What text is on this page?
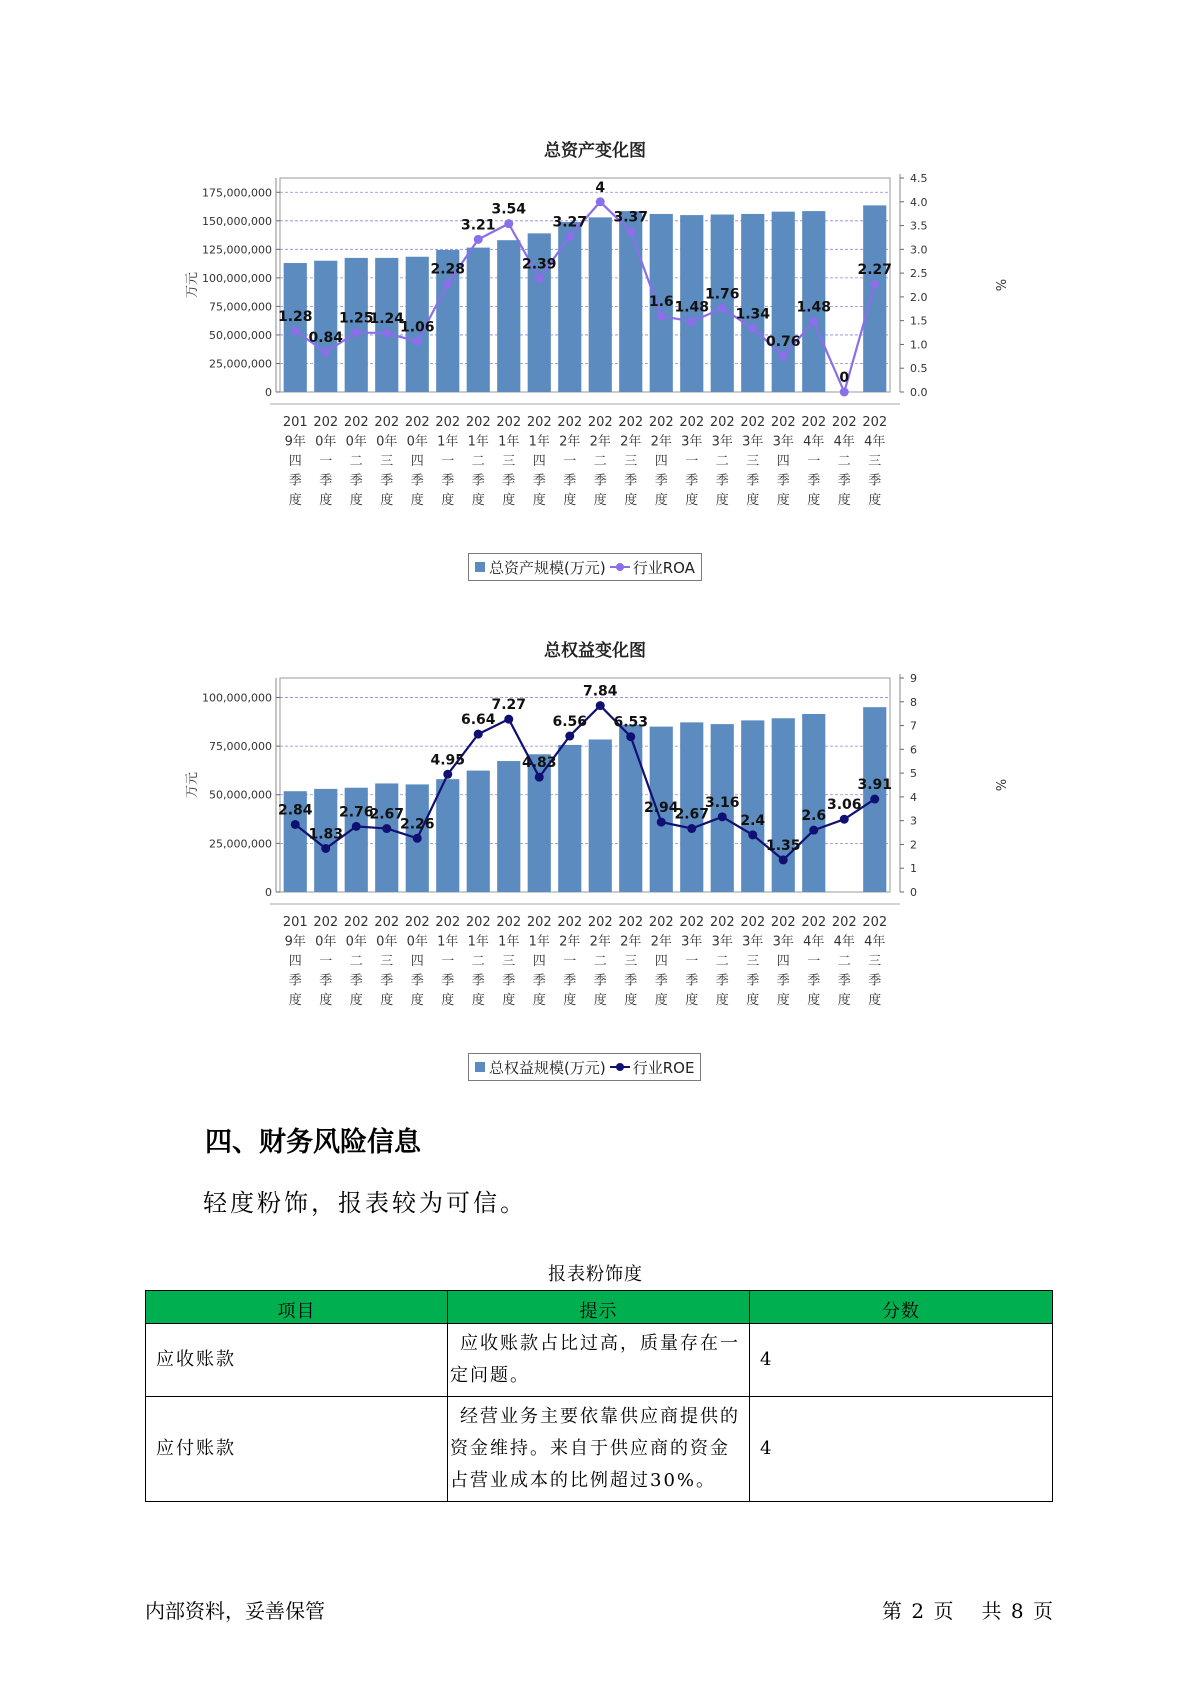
总资产变化图
0
25,000,000
50,000,000
75,000,000
100,000,000
125,000,000
150,000,000
175,000,000
0.0
0.5
1.0
1.5
2.0
2.5
3.0
3.5
4.0
4.5
万元	%
201 9年四季度
202 0年一季度
202 0年二季度
202 0年三季度
202 0年四季度
202 1年一季度
202 1年二季度
202 1年三季度
202 1年四季度
202 2年一季度
202 2年二季度
202 2年三季度
202 2年四季度
202 3年一季度
202 3年二季度
202 3年三季度
202 3年四季度
202 4年一季度
202 4年二季度
202 4年三季度
1.28
0.84
1.25
1.24
1.06
2.28
3.21
3.54
2.39
3.27
4
3.37
1.6 1.48
1.76
1.34
0.76
1.48
0
2.27
总资产规模(万元) 行业ROA
总权益变化图
0
25,000,000
50,000,000
75,000,000
100,000,000
0
1
2
3
4
5
6
7
8
9
万元	%
201 9年四季度
202 0年一季度
202 0年二季度
202 0年三季度
202 0年四季度
202 1年一季度
202 1年二季度
202 1年三季度
202 1年四季度
202 2年一季度
202 2年二季度
202 2年三季度
202 2年四季度
202 3年一季度
202 3年二季度
202 3年三季度
202 3年四季度
202 4年一季度
202 4年二季度
202 4年三季度
2.84
1.83
2.76
2.67
2.26
4.95
6.64
7.27
4.83
6.56
7.84
6.53
2.94
2.67
3.16
2.4
1.35
2.6
3.06
3.91
总权益规模(万元) 行业ROE
四、财务风险信息

轻度粉饰，报表较为可信。

报表粉饰度
项目	提示	分数
应收账款	应收账款占比过高，质量存在一定问题。	4
应付账款	经营业务主要依靠供应商提供的资金维持。来自于供应商的资金占营业成本的比例超过30%。	4
内部资料，妥善保管	第 2 页   共 8 页
